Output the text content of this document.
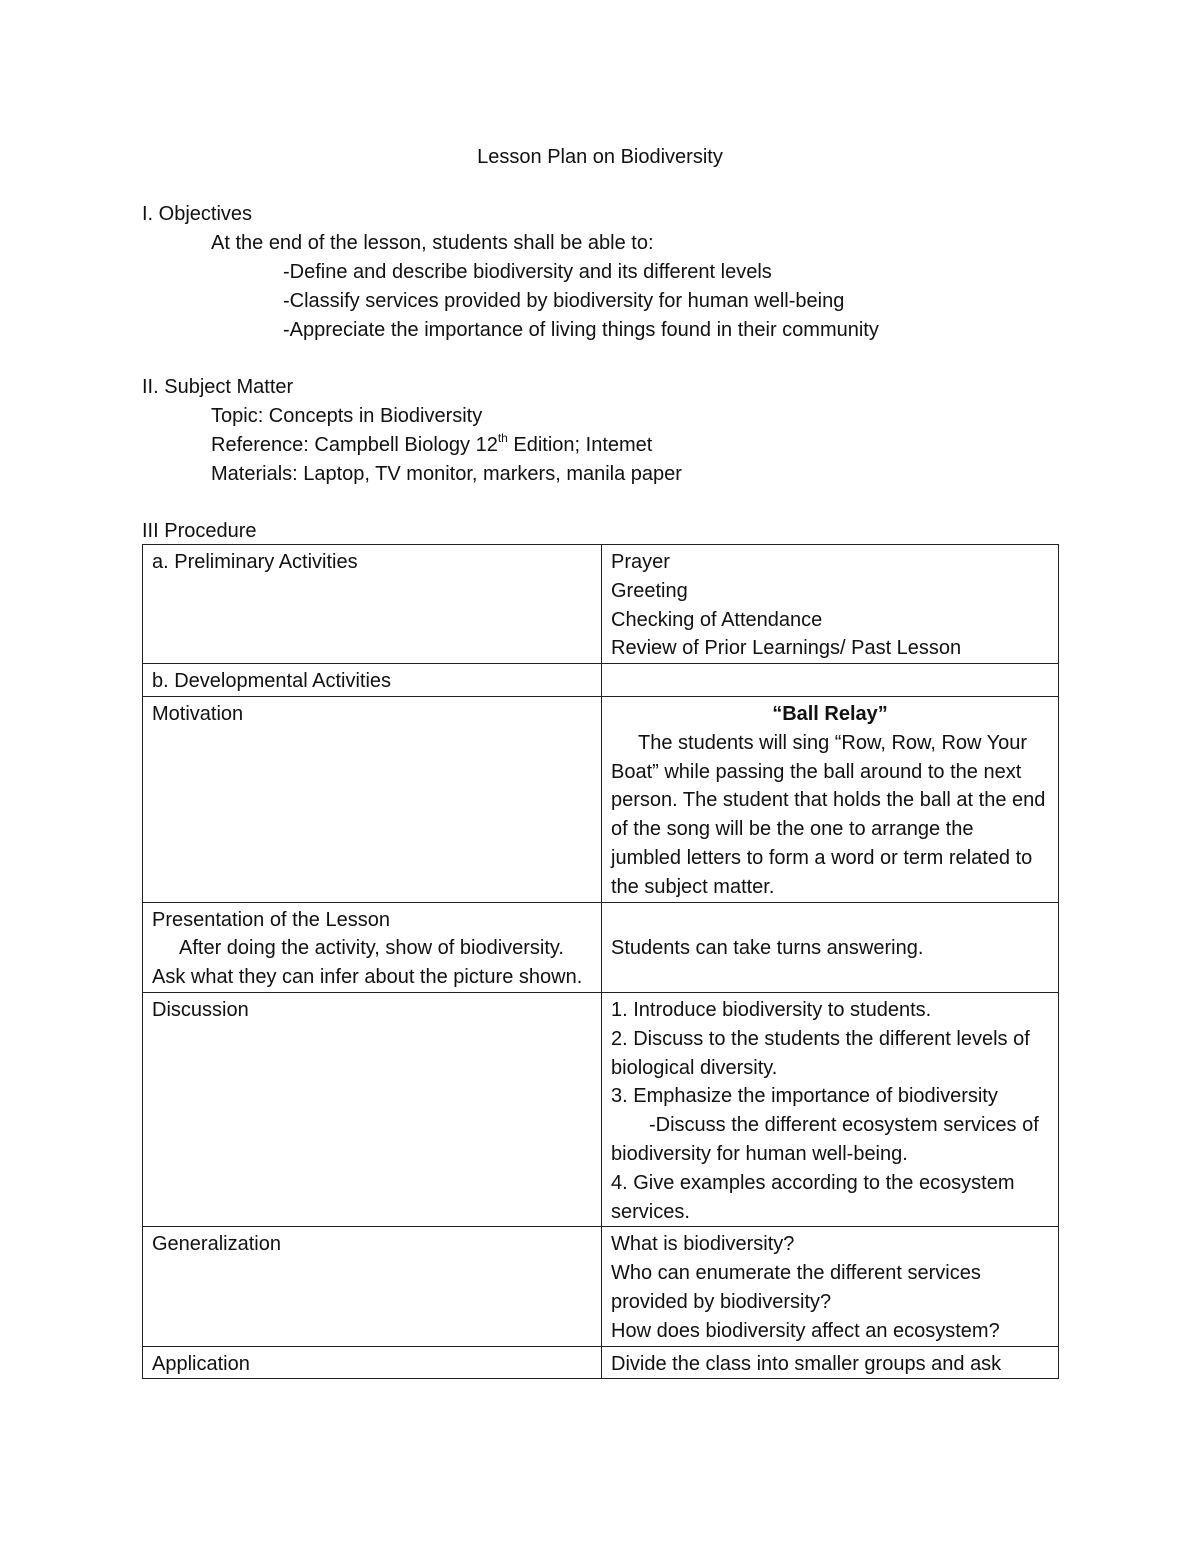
Lesson Plan on Biodiversity
I. Objectives
At the end of the lesson, students shall be able to:
-Define and describe biodiversity and its different levels
-Classify services provided by biodiversity for human well-being
-Appreciate the importance of living things found in their community
II. Subject Matter
Topic: Concepts in Biodiversity
Reference: Campbell Biology 12th Edition; Intemet
Materials: Laptop, TV monitor, markers, manila paper
III Procedure
a. Preliminary Activities	Prayer
Greeting
Checking of Attendance
Review of Prior Learnings/ Past Lesson

b. Developmental Activities	
Motivation	“Ball Relay”
The students will sing “Row, Row, Row Your Boat” while passing the ball around to the next person. The student that holds the ball at the end of the song will be the one to arrange the jumbled letters to form a word or term related to the subject matter.

Presentation of the Lesson
After doing the activity, show of biodiversity. Ask what they can infer about the picture shown.	Students can take turns answering.

Discussion	1. Introduce biodiversity to students.
2. Discuss to the students the different levels of biological diversity.
3. Emphasize the importance of biodiversity
-Discuss the different ecosystem services of biodiversity for human well-being.
4. Give examples according to the ecosystem services.

Generalization	What is biodiversity?
Who can enumerate the different services provided by biodiversity?
How does biodiversity affect an ecosystem?

Application	Divide the class into smaller groups and ask
